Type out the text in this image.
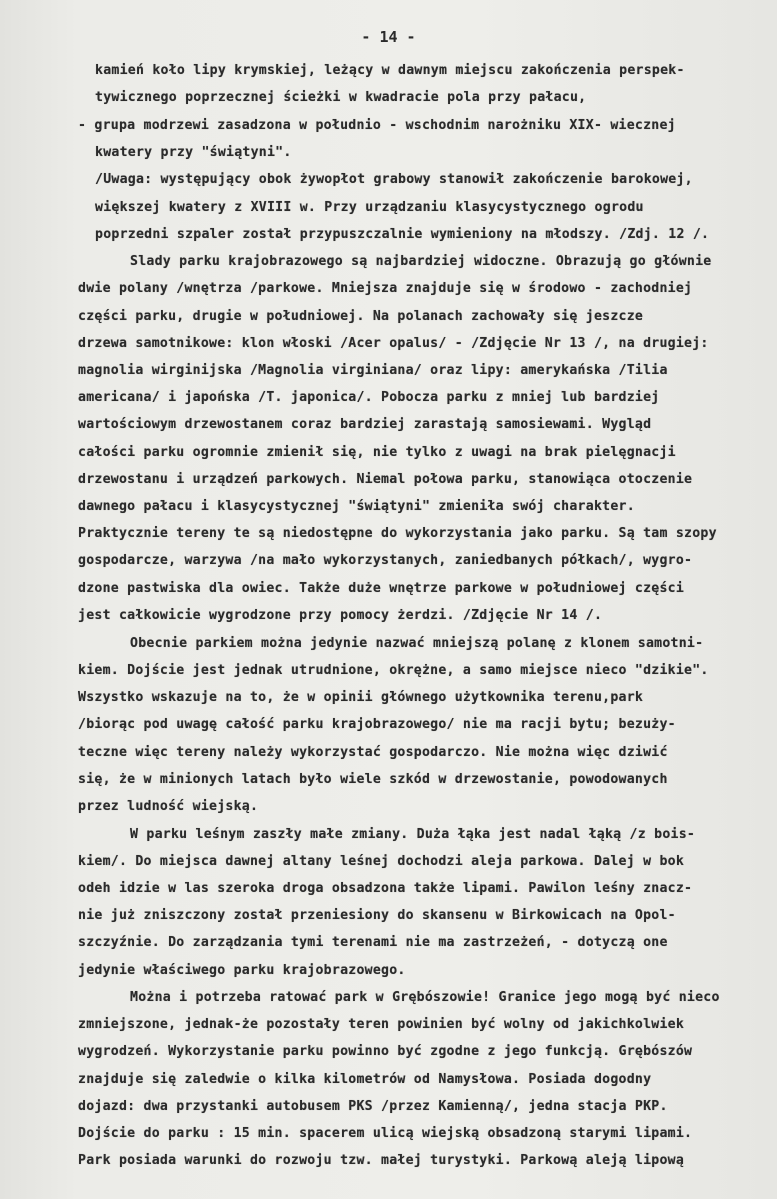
- 14 -
kamień koło lipy krymskiej, leżący w dawnym miejscu zakończenia perspek-
tywicznego poprzecznej ścieżki w kwadracie pola przy pałacu,
- grupa modrzewi zasadzona w południo - wschodnim narożniku XIX- wiecznej
kwatery przy "świątyni".
/Uwaga: występujący obok żywopłot grabowy stanowił zakończenie barokowej,
większej kwatery z XVIII w. Przy urządzaniu klasycystycznego ogrodu
poprzedni szpaler został przypuszczalnie wymieniony na młodszy. /Zdj. 12 /.
Slady parku krajobrazowego są najbardziej widoczne. Obrazują go głównie
dwie polany /wnętrza /parkowe. Mniejsza znajduje się w środowo - zachodniej
części parku, drugie w południowej. Na polanach zachowały się jeszcze
drzewa samotnikowe: klon włoski /Acer opalus/ - /Zdjęcie Nr 13 /, na drugiej:
magnolia wirginijska /Magnolia virginiana/ oraz lipy: amerykańska /Tilia
americana/ i japońska /T. japonica/. Pobocza parku z mniej lub bardziej
wartościowym drzewostanem coraz bardziej zarastają samosiewami. Wygląd
całości parku ogromnie zmienił się, nie tylko z uwagi na brak pielęgnacji
drzewostanu i urządzeń parkowych. Niemal połowa parku, stanowiąca otoczenie
dawnego pałacu i klasycystycznej "świątyni" zmieniła swój charakter.
Praktycznie tereny te są niedostępne do wykorzystania jako parku. Są tam szopy
gospodarcze, warzywa /na mało wykorzystanych, zaniedbanych półkach/, wygro-
dzone pastwiska dla owiec. Także duże wnętrze parkowe w południowej części
jest całkowicie wygrodzone przy pomocy żerdzi. /Zdjęcie Nr 14 /.
Obecnie parkiem można jedynie nazwać mniejszą polanę z klonem samotni-
kiem. Dojście jest jednak utrudnione, okrężne, a samo miejsce nieco "dzikie".
Wszystko wskazuje na to, że w opinii głównego użytkownika terenu,park
/biorąc pod uwagę całość parku krajobrazowego/ nie ma racji bytu; bezuży-
teczne więc tereny należy wykorzystać gospodarczo. Nie można więc dziwić
się, że w minionych latach było wiele szkód w drzewostanie, powodowanych
przez ludność wiejską.
W parku leśnym zaszły małe zmiany. Duża łąka jest nadal łąką /z bois-
kiem/. Do miejsca dawnej altany leśnej dochodzi aleja parkowa. Dalej w bok
odeh idzie w las szeroka droga obsadzona także lipami. Pawilon leśny znacz-
nie już zniszczony został przeniesiony do skansenu w Birkowicach na Opol-
szczyźnie. Do zarządzania tymi terenami nie ma zastrzeżeń, - dotyczą one
jedynie właściwego parku krajobrazowego.
Można i potrzeba ratować park w Grębószowie! Granice jego mogą być nieco
zmniejszone, jednak-że pozostały teren powinien być wolny od jakichkolwiek
wygrodzeń. Wykorzystanie parku powinno być zgodne z jego funkcją. Grębószów
znajduje się zaledwie o kilka kilometrów od Namysłowa. Posiada dogodny
dojazd: dwa przystanki autobusem PKS /przez Kamienną/, jedna stacja PKP.
Dojście do parku : 15 min. spacerem ulicą wiejską obsadzoną starymi lipami.
Park posiada warunki do rozwoju tzw. małej turystyki. Parkową aleją lipową
